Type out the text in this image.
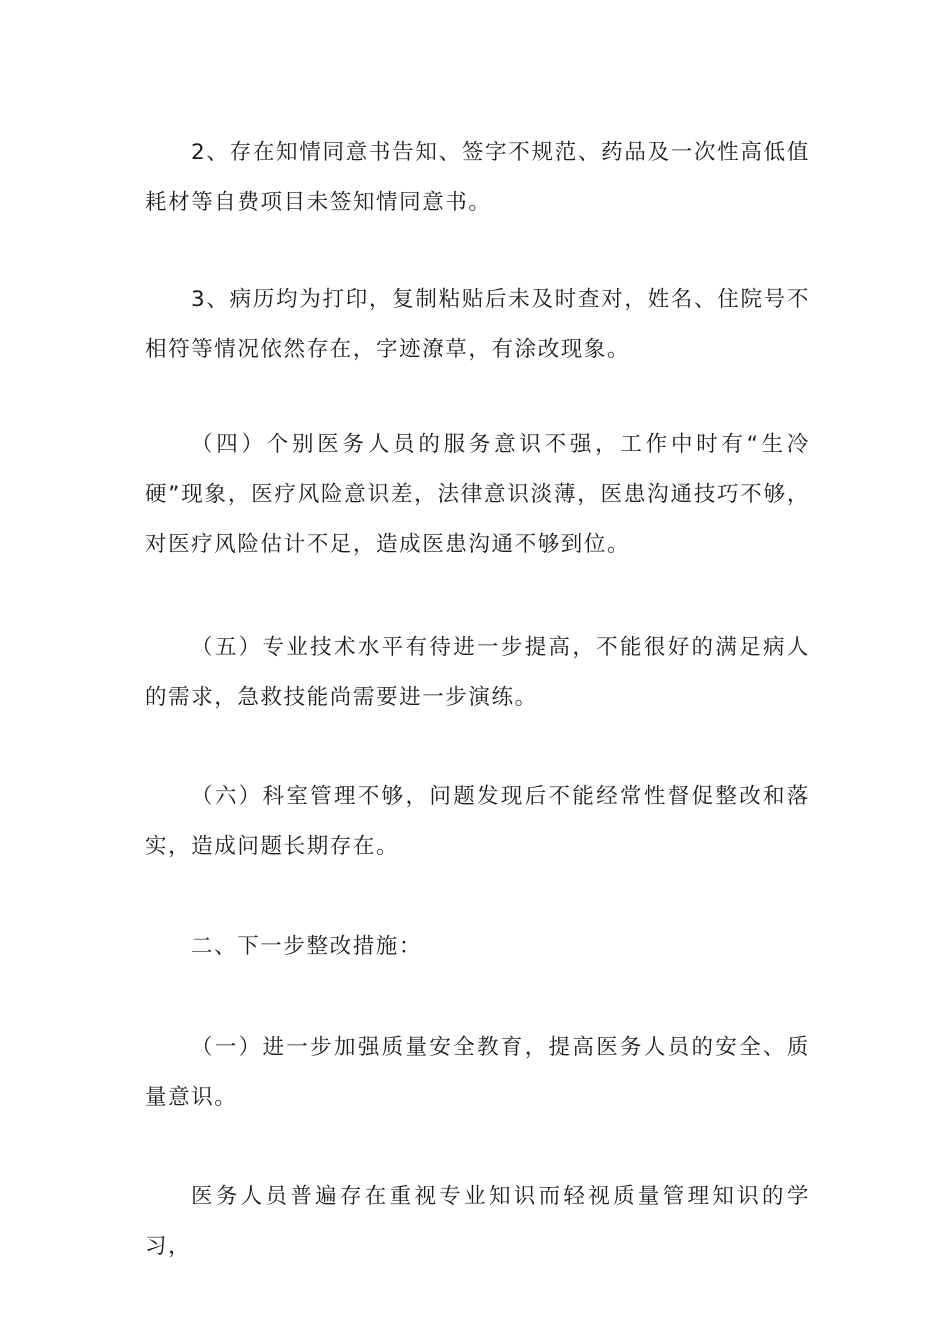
2、存在知情同意书告知、签字不规范、药品及一次性高低值耗材等自费项目未签知情同意书。

3、病历均为打印，复制粘贴后未及时查对，姓名、住院号不相符等情况依然存在，字迹潦草，有涂改现象。

（四）个别医务人员的服务意识不强，工作中时有“生冷硬”现象，医疗风险意识差，法律意识淡薄，医患沟通技巧不够，对医疗风险估计不足，造成医患沟通不够到位。

（五）专业技术水平有待进一步提高，不能很好的满足病人的需求，急救技能尚需要进一步演练。

（六）科室管理不够，问题发现后不能经常性督促整改和落实，造成问题长期存在。

二、下一步整改措施：

（一）进一步加强质量安全教育，提高医务人员的安全、质量意识。

医务人员普遍存在重视专业知识而轻视质量管理知识的学习，
